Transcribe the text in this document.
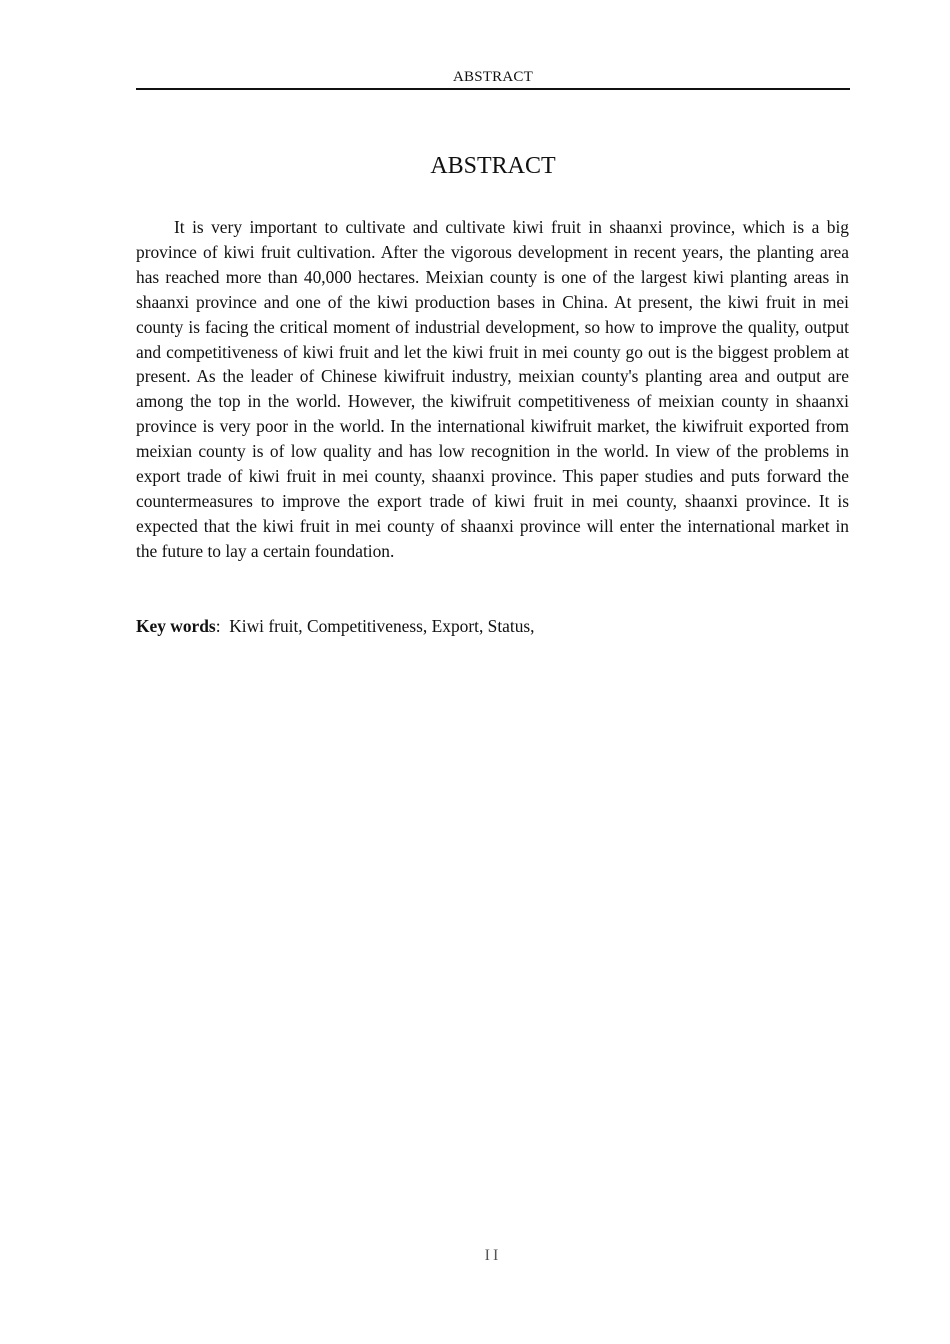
ABSTRACT
ABSTRACT

It is very important to cultivate and cultivate kiwi fruit in shaanxi province, which is a big province of kiwi fruit cultivation. After the vigorous development in recent years, the planting area has reached more than 40,000 hectares. Meixian county is one of the largest kiwi planting areas in shaanxi province and one of the kiwi production bases in China. At present, the kiwi fruit in mei county is facing the critical moment of industrial development, so how to improve the quality, output and competitiveness of kiwi fruit and let the kiwi fruit in mei county go out is the biggest problem at present. As the leader of Chinese kiwifruit industry, meixian county's planting area and output are among the top in the world. However, the kiwifruit competitiveness of meixian county in shaanxi province is very poor in the world. In the international kiwifruit market, the kiwifruit exported from meixian county is of low quality and has low recognition in the world. In view of the problems in export trade of kiwi fruit in mei county, shaanxi province. This paper studies and puts forward the countermeasures to improve the export trade of kiwi fruit in mei county, shaanxi province. It is expected that the kiwi fruit in mei county of shaanxi province will enter the international market in the future to lay a certain foundation.

Key words:  Kiwi fruit, Competitiveness, Export, Status,

II
